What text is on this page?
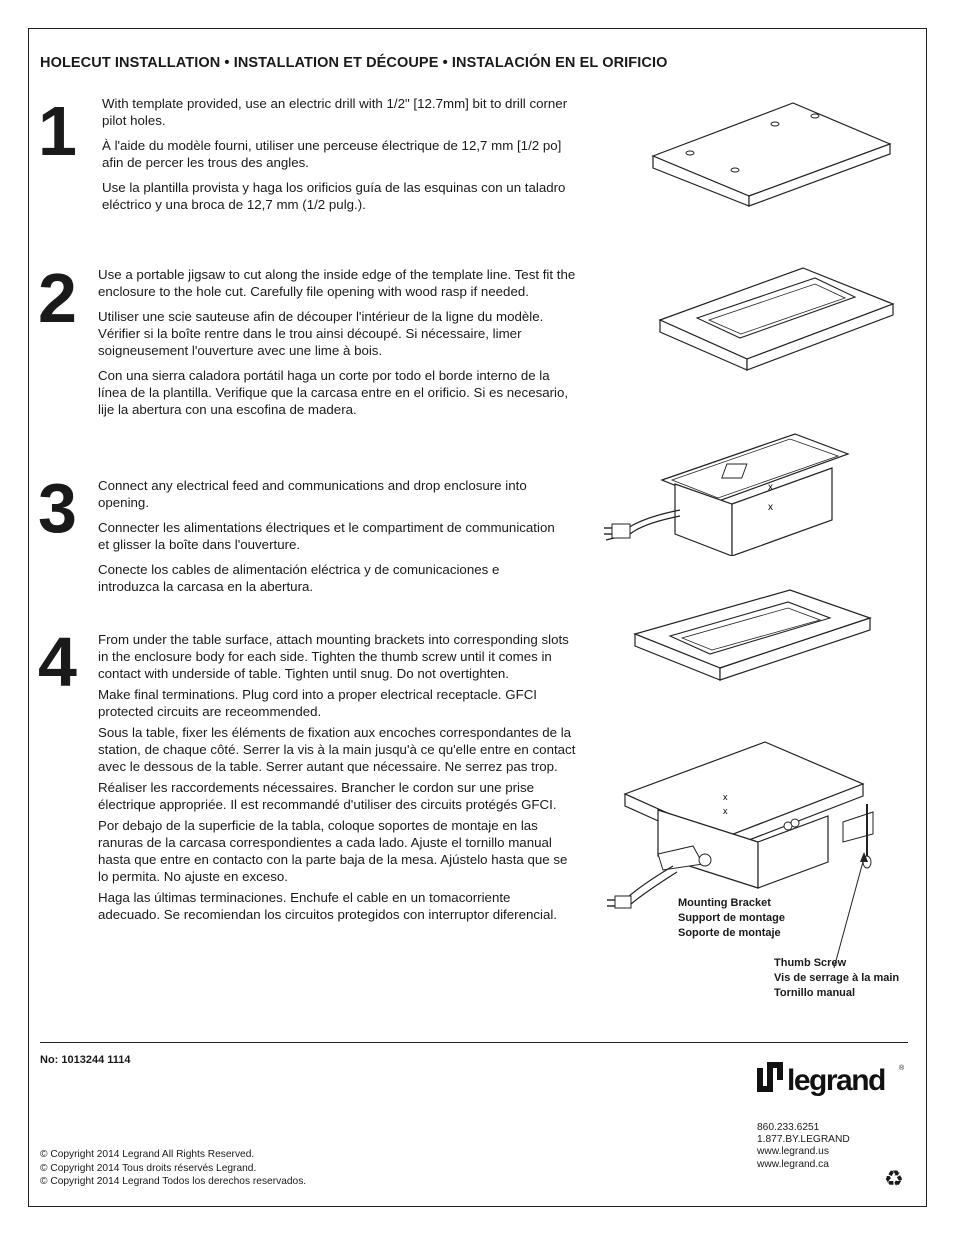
HOLECUT INSTALLATION • INSTALLATION ET DÉCOUPE • INSTALACIÓN EN EL ORIFICIO
1 With template provided, use an electric drill with 1/2" [12.7mm] bit to drill corner pilot holes.

À l'aide du modèle fourni, utiliser une perceuse électrique de 12,7 mm [1/2 po] afin de percer les trous des angles.

Use la plantilla provista y haga los orificios guía de las esquinas con un taladro eléctrico y una broca de 12,7 mm (1/2 pulg.).

2 Use a portable jigsaw to cut along the inside edge of the template line. Test fit the enclosure to the hole cut. Carefully file opening with wood rasp if needed.

Utiliser une scie sauteuse afin de découper l'intérieur de la ligne du modèle. Vérifier si la boîte rentre dans le trou ainsi découpé. Si nécessaire, limer soigneusement l'ouverture avec une lime à bois.

Con una sierra caladora portátil haga un corte por todo el borde interno de la línea de la plantilla. Verifique que la carcasa entre en el orificio. Si es necesario, lije la abertura con una escofina de madera.

3 Connect any electrical feed and communications and drop enclosure into opening.

Connecter les alimentations électriques et le compartiment de communication et glisser la boîte dans l'ouverture.

Conecte los cables de alimentación eléctrica y de comunicaciones e introduzca la carcasa en la abertura.

x
x
4 From under the table surface, attach mounting brackets into corresponding slots in the enclosure body for each side. Tighten the thumb screw until it comes in contact with underside of table. Tighten until snug. Do not overtighten.

Make final terminations. Plug cord into a proper electrical receptacle. GFCI protected circuits are receommended.

Sous la table, fixer les éléments de fixation aux encoches correspondantes de la station, de chaque côté. Serrer la vis à la main jusqu'à ce qu'elle entre en contact avec le dessous de la table. Serrer autant que nécessaire. Ne serrez pas trop.

Réaliser les raccordements nécessaires. Brancher le cordon sur une prise électrique appropriée. Il est recommandé d'utiliser des circuits protégés GFCI.

Por debajo de la superficie de la tabla, coloque soportes de montaje en las ranuras de la carcasa correspondientes a cada lado. Ajuste el tornillo manual hasta que entre en contacto con la parte baja de la mesa. Ajústelo hasta que se lo permita. No ajuste en exceso.

Haga las últimas terminaciones. Enchufe el cable en un tomacorriente adecuado. Se recomiendan los circuitos protegidos con interruptor diferencial.

x
x
Mounting Bracket
Support de montage
Soporte de montaje
Thumb Screw
Vis de serrage à la main
Tornillo manual
No: 1013244 1114
legrand ®
860.233.6251
1.877.BY.LEGRAND
www.legrand.us
www.legrand.ca
© Copyright 2014 Legrand All Rights Reserved.
© Copyright 2014 Tous droits réservés Legrand.
© Copyright 2014 Legrand Todos los derechos reservados.	♻
